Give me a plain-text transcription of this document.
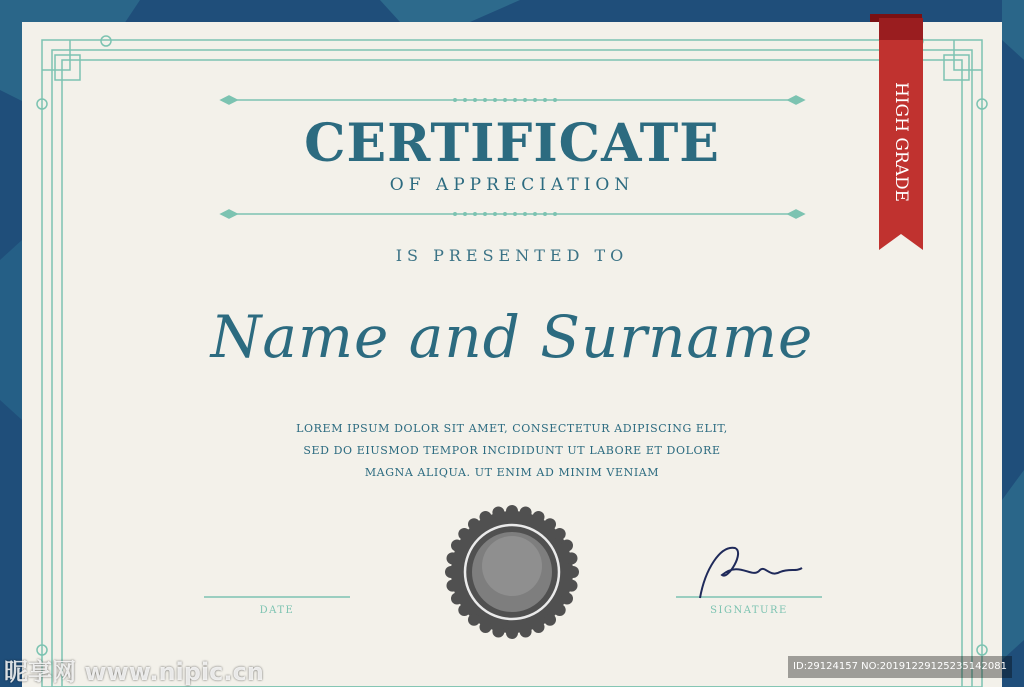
CERTIFICATE
OF APPRECIATION
IS PRESENTED TO
Name and Surname
LOREM IPSUM DOLOR SIT AMET, CONSECTETUR ADIPISCING ELIT,
SED DO EIUSMOD TEMPOR INCIDIDUNT UT LABORE ET DOLORE
MAGNA ALIQUA. UT ENIM AD MINIM VENIAM
DATE	SIGNATURE
HIGH GRADE
昵享网 www.nipic.cn	ID:29124157 NO:20191229125235142081
